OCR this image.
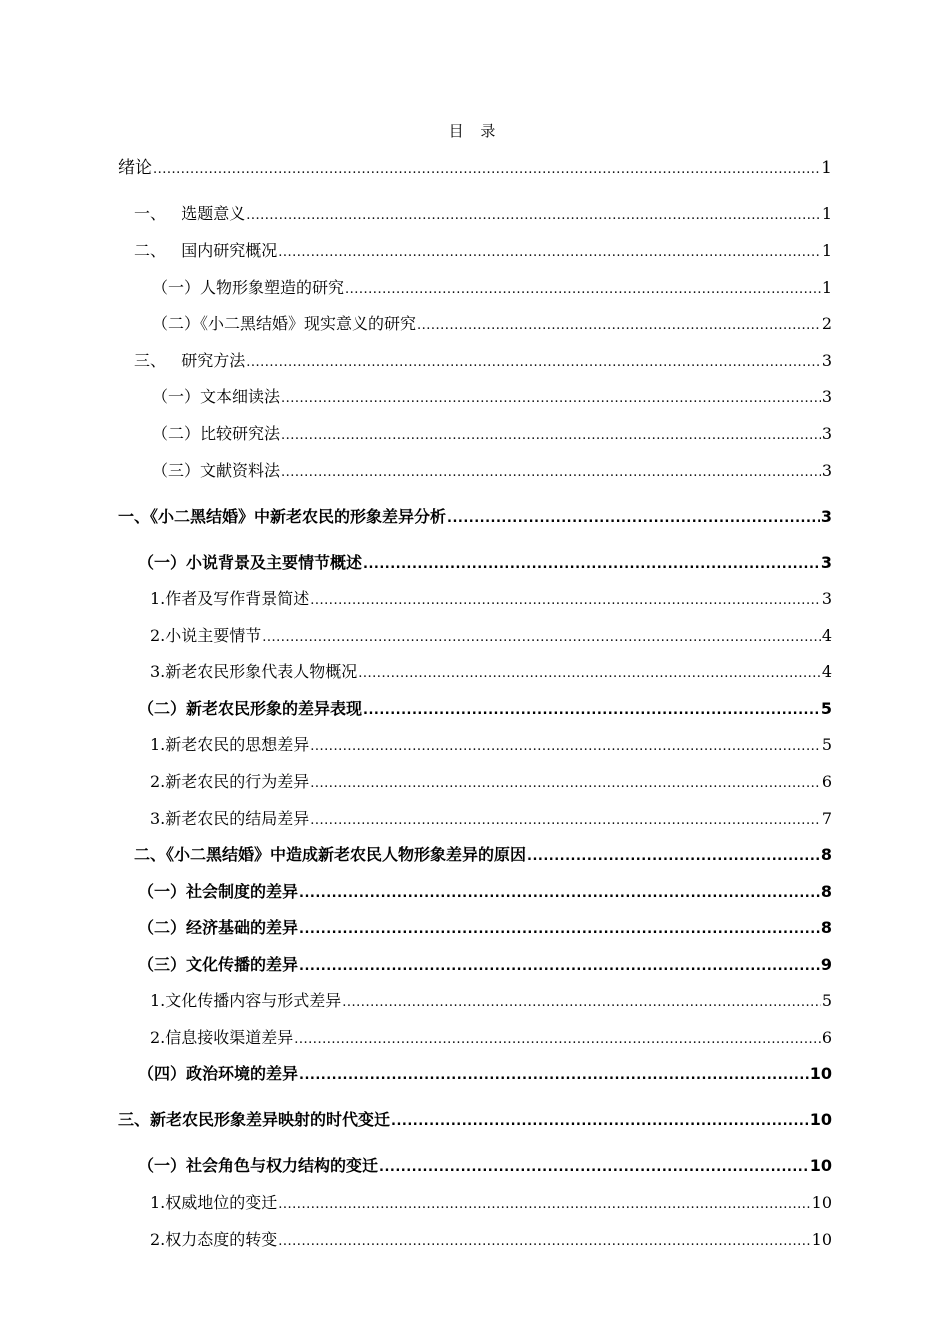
目 录
绪论 .....	1
一、   选题意义 .....	1
二、   国内研究概况 .....	1
（一）人物形象塑造的研究 .....	1
（二）《小二黑结婚》现实意义的研究 .....	2
三、   研究方法 .....	3
（一）文本细读法 .....	3
（二）比较研究法 .....	3
（三）文献资料法 .....	3
一、《小二黑结婚》中新老农民的形象差异分析 .....	3
（一）小说背景及主要情节概述 .....	3
1.作者及写作背景简述 .....	3
2.小说主要情节 .....	4
3.新老农民形象代表人物概况 .....	4
（二）新老农民形象的差异表现 .....	5
1.新老农民的思想差异 .....	5
2.新老农民的行为差异 .....	6
3.新老农民的结局差异 .....	7
二、《小二黑结婚》中造成新老农民人物形象差异的原因 .....	8
（一）社会制度的差异 .....	8
（二）经济基础的差异 .....	8
（三）文化传播的差异 .....	9
1.文化传播内容与形式差异 .....	5
2.信息接收渠道差异 .....	6
（四）政治环境的差异 .....	10
三、新老农民形象差异映射的时代变迁 .....	10
（一）社会角色与权力结构的变迁 .....	10
1.权威地位的变迁 .....	10
2.权力态度的转变 .....	10
